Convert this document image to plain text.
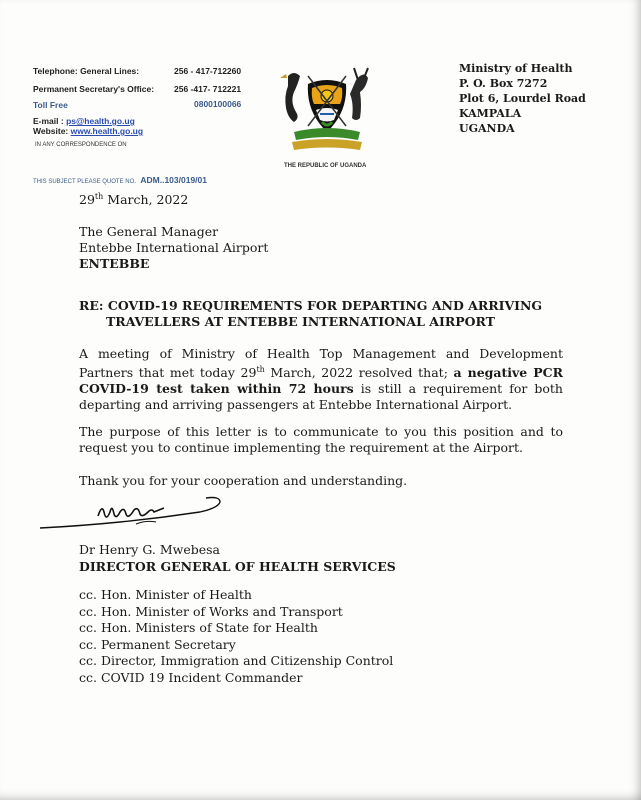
Telephone: General Lines:	256 - 417-712260
Permanent Secretary's Office: 256 -417- 712221
Toll Free	0800100066
E-mail : ps@health.go.ug
Website: www.health.go.ug
IN ANY CORRESPONDENCE ON
THIS SUBJECT PLEASE QUOTE NO. ADM..103/019/01
THE REPUBLIC OF UGANDA
Ministry of Health
P. O. Box 7272
Plot 6, Lourdel Road
KAMPALA
UGANDA
29th March, 2022
The General Manager
Entebbe International Airport
ENTEBBE
RE: COVID-19 REQUIREMENTS FOR DEPARTING AND ARRIVING
TRAVELLERS AT ENTEBBE INTERNATIONAL AIRPORT
A meeting of Ministry of Health Top Management and Development Partners that met today 29th March, 2022 resolved that; a negative PCR COVID-19 test taken within 72 hours is still a requirement for both departing and arriving passengers at Entebbe International Airport.
The purpose of this letter is to communicate to you this position and to request you to continue implementing the requirement at the Airport.
Thank you for your cooperation and understanding.
Dr Henry G. Mwebesa
DIRECTOR GENERAL OF HEALTH SERVICES
cc. Hon. Minister of Health
cc. Hon. Minister of Works and Transport
cc. Hon. Ministers of State for Health
cc. Permanent Secretary
cc. Director, Immigration and Citizenship Control
cc. COVID 19 Incident Commander
